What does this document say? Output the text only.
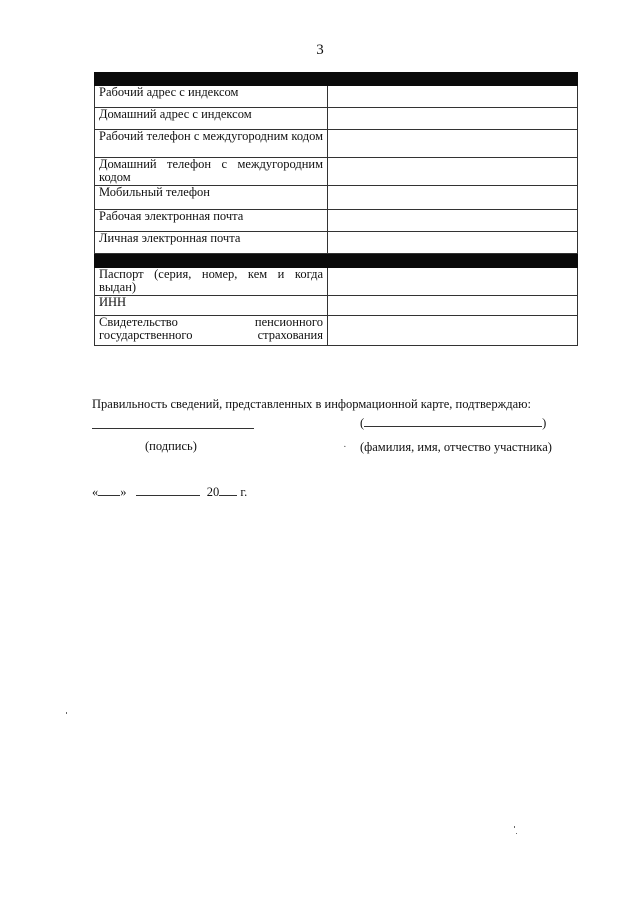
3

Рабочий адрес с индексом	
Домашний адрес с индексом	

Рабочий телефон с междугородним кодом	

Домашний телефон с междугородним кодом	

Мобильный телефон	
Рабочая электронная почта	
Личная электронная почта	

Паспорт (серия, номер, кем и когда выдан)	

ИНН	

Свидетельство пенсионного государственного страхования	

Правильность сведений, представленных в информационной карте, подтверждаю:
(подпись)
(	)
· (фамилия, имя, отчество участника)
« »	20 г.
